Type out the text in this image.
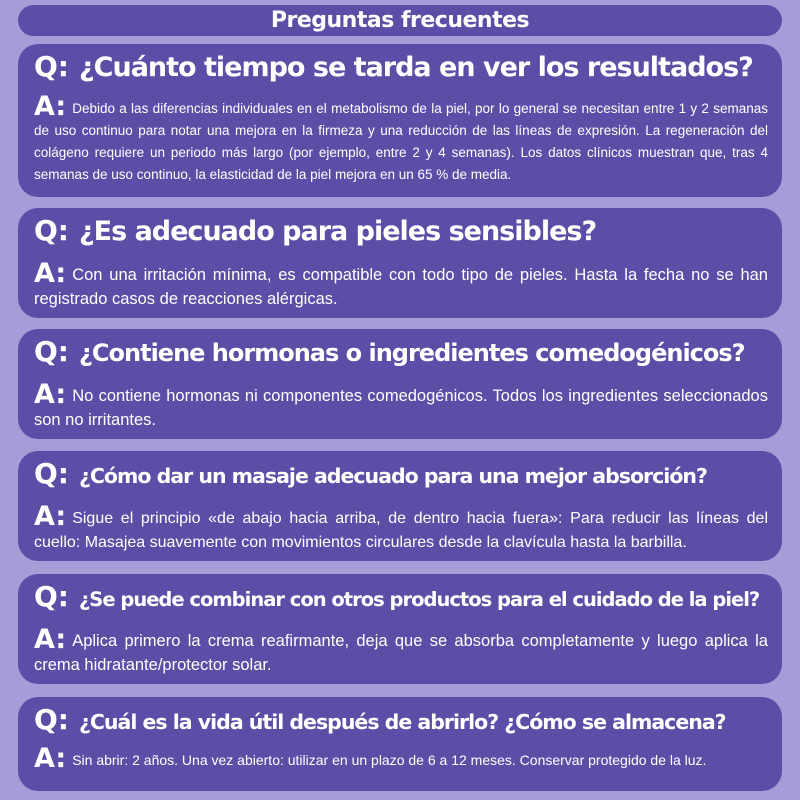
Preguntas frecuentes
Q: ¿Cuánto tiempo se tarda en ver los resultados?
A: Debido a las diferencias individuales en el metabolismo de la piel, por lo general se necesitan entre 1 y 2 semanas de uso continuo para notar una mejora en la firmeza y una reducción de las líneas de expresión. La regeneración del colágeno requiere un periodo más largo (por ejemplo, entre 2 y 4 semanas). Los datos clínicos muestran que, tras 4 semanas de uso continuo, la elasticidad de la piel mejora en un 65 % de media.
Q: ¿Es adecuado para pieles sensibles?
A: Con una irritación mínima, es compatible con todo tipo de pieles. Hasta la fecha no se han registrado casos de reacciones alérgicas.
Q: ¿Contiene hormonas o ingredientes comedogénicos?
A: No contiene hormonas ni componentes comedogénicos. Todos los ingredientes seleccionados son no irritantes.
Q: ¿Cómo dar un masaje adecuado para una mejor absorción?
A: Sigue el principio «de abajo hacia arriba, de dentro hacia fuera»: Para reducir las líneas del cuello: Masajea suavemente con movimientos circulares desde la clavícula hasta la barbilla.
Q: ¿Se puede combinar con otros productos para el cuidado de la piel?
A: Aplica primero la crema reafirmante, deja que se absorba completamente y luego aplica la crema hidratante/protector solar.
Q: ¿Cuál es la vida útil después de abrirlo? ¿Cómo se almacena?
A: Sin abrir: 2 años. Una vez abierto: utilizar en un plazo de 6 a 12 meses. Conservar protegido de la luz.
